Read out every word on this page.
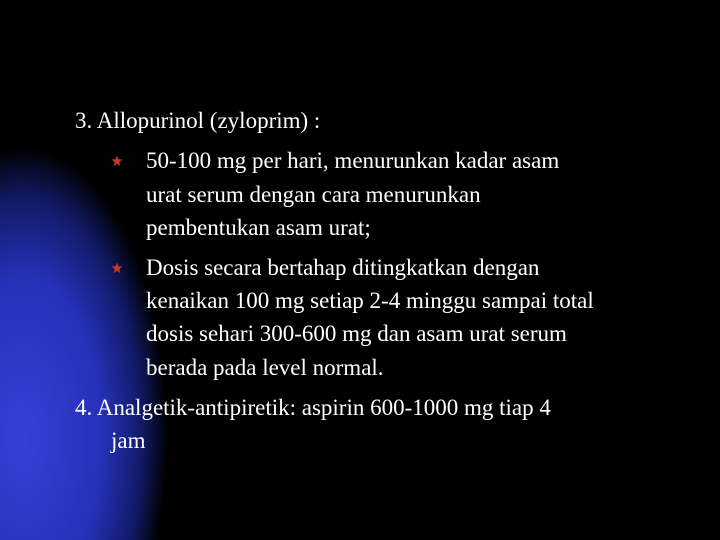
3. Allopurinol (zyloprim) :
50-100 mg per hari, menurunkan kadar asam
urat serum dengan cara menurunkan
pembentukan asam urat;
Dosis secara bertahap ditingkatkan dengan
kenaikan 100 mg setiap 2-4 minggu sampai total
dosis sehari 300-600 mg dan asam urat serum
berada pada level normal.
4. Analgetik-antipiretik: aspirin 600-1000 mg tiap 4
jam
